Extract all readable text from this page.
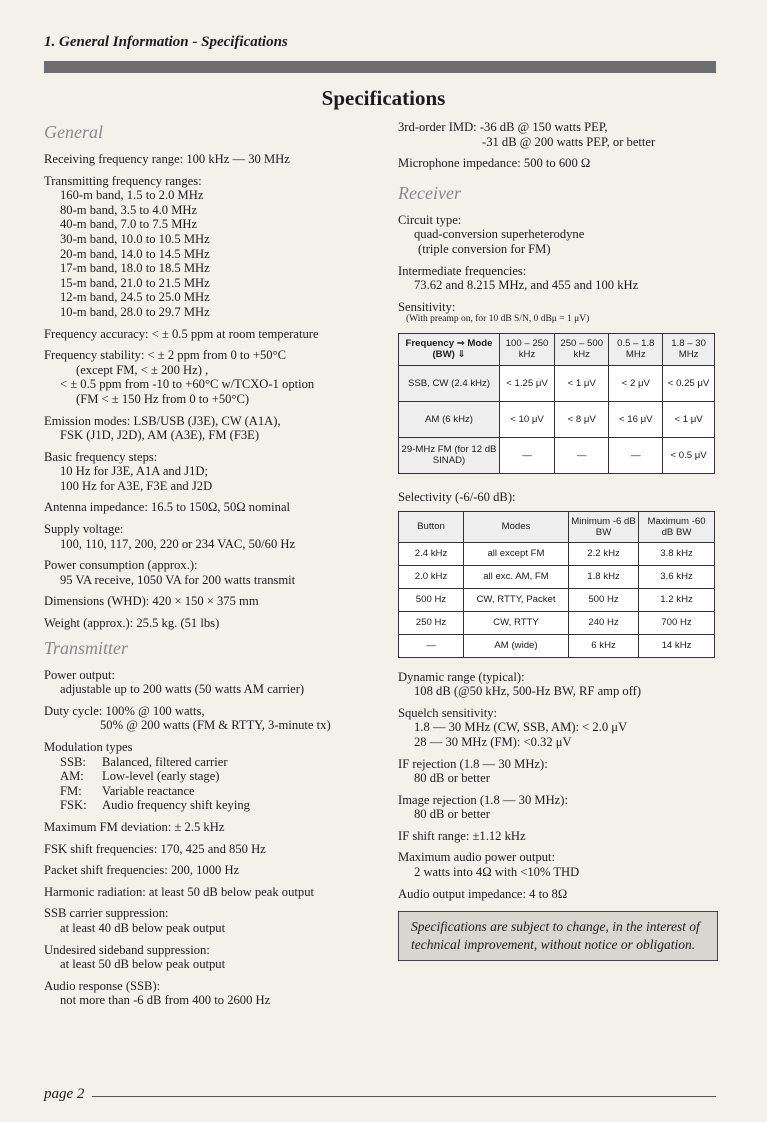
1. General Information - Specifications
Specifications
General
Receiving frequency range: 100 kHz — 30 MHz
Transmitting frequency ranges:
160-m band, 1.5 to 2.0 MHz
80-m band, 3.5 to 4.0 MHz
40-m band, 7.0 to 7.5 MHz
30-m band, 10.0 to 10.5 MHz
20-m band, 14.0 to 14.5 MHz
17-m band, 18.0 to 18.5 MHz
15-m band, 21.0 to 21.5 MHz
12-m band, 24.5 to 25.0 MHz
10-m band, 28.0 to 29.7 MHz
Frequency accuracy: < ± 0.5 ppm at room temperature
Frequency stability: < ± 2 ppm from 0 to +50°C
(except FM, < ± 200 Hz) ,
< ± 0.5 ppm from -10 to +60°C w/TCXO-1 option
(FM < ± 150 Hz from 0 to +50°C)
Emission modes: LSB/USB (J3E), CW (A1A),
FSK (J1D, J2D), AM (A3E), FM (F3E)
Basic frequency steps:
10 Hz for J3E, A1A and J1D;
100 Hz for A3E, F3E and J2D
Antenna impedance: 16.5 to 150Ω, 50Ω nominal
Supply voltage:
100, 110, 117, 200, 220 or 234 VAC, 50/60 Hz
Power consumption (approx.):
95 VA receive, 1050 VA for 200 watts transmit
Dimensions (WHD): 420 × 150 × 375 mm
Weight (approx.): 25.5 kg. (51 lbs)
Transmitter
Power output:
adjustable up to 200 watts (50 watts AM carrier)
Duty cycle: 100% @ 100 watts,
50% @ 200 watts (FM & RTTY, 3-minute tx)
Modulation types
SSB: Balanced, filtered carrier
AM: Low-level (early stage)
FM: Variable reactance
FSK: Audio frequency shift keying
Maximum FM deviation: ± 2.5 kHz
FSK shift frequencies: 170, 425 and 850 Hz
Packet shift frequencies: 200, 1000 Hz
Harmonic radiation: at least 50 dB below peak output
SSB carrier suppression:
at least 40 dB below peak output
Undesired sideband suppression:
at least 50 dB below peak output
Audio response (SSB):
not more than -6 dB from 400 to 2600 Hz
3rd-order IMD: -36 dB @ 150 watts PEP,
-31 dB @ 200 watts PEP, or better
Microphone impedance: 500 to 600 Ω
Receiver
Circuit type:
quad-conversion superheterodyne
(triple conversion for FM)
Intermediate frequencies:
73.62 and 8.215 MHz, and 455 and 100 kHz
Sensitivity:
(With preamp on, for 10 dB S/N, 0 dBμ = 1 μV)
Frequency ⇒ Mode (BW) ⇓	100 – 250 kHz	250 – 500 kHz	0.5 – 1.8 MHz	1.8 – 30 MHz
SSB, CW (2.4 kHz)	< 1.25 μV	< 1 μV	< 2 μV	< 0.25 μV
AM (6 kHz)	< 10 μV	< 8 μV	< 16 μV	< 1 μV
29-MHz FM (for 12 dB SINAD)	—	—	—	< 0.5 μV
Selectivity (-6/-60 dB):
Button	Modes	Minimum -6 dB BW	Maximum -60 dB BW
2.4 kHz	all except FM	2.2 kHz	3.8 kHz
2.0 kHz	all exc. AM, FM	1.8 kHz	3.6 kHz
500 Hz	CW, RTTY, Packet	500 Hz	1.2 kHz
250 Hz	CW, RTTY	240 Hz	700 Hz
—	AM (wide)	6 kHz	14 kHz
Dynamic range (typical):
108 dB (@50 kHz, 500-Hz BW, RF amp off)
Squelch sensitivity:
1.8 — 30 MHz (CW, SSB, AM): < 2.0 μV
28 — 30 MHz (FM): <0.32 μV
IF rejection (1.8 — 30 MHz):
80 dB or better
Image rejection (1.8 — 30 MHz):
80 dB or better
IF shift range: ±1.12 kHz
Maximum audio power output:
2 watts into 4Ω with <10% THD
Audio output impedance: 4 to 8Ω
Specifications are subject to change, in the interest of technical improvement, without notice or obligation.
page 2
